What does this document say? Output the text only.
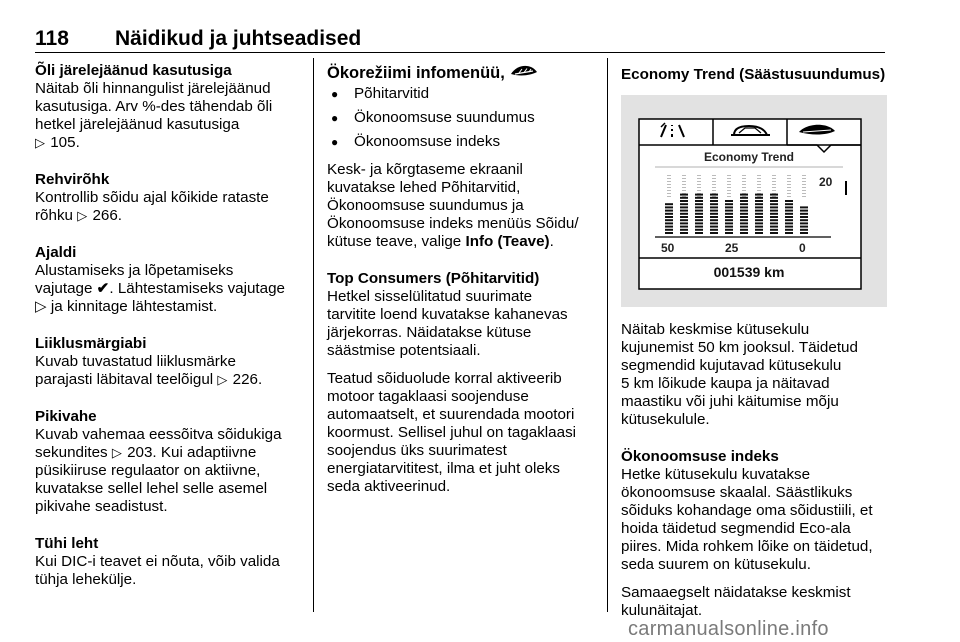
118 Näidikud ja juhtseadised

Õli järelejäänud kasutusiga

Näitab õli hinnangulist järelejäänud

kasutusiga. Arv %-des tähendab õli

hetkel järelejäänud kasutusiga

▷ 105.

Rehvirõhk

Kontrollib sõidu ajal kõikide rataste

rõhku ▷ 266.

Ajaldi

Alustamiseks ja lõpetamiseks

vajutage ✔. Lähtestamiseks vajutage

▷ ja kinnitage lähtestamist.

Liiklusmärgiabi

Kuvab tuvastatud liiklusmärke

parajasti läbitaval teelõigul ▷ 226.

Pikivahe

Kuvab vahemaa eessõitva sõidukiga

sekundites ▷ 203. Kui adaptiivne

püsikiiruse regulaator on aktiivne,

kuvatakse sellel lehel selle asemel

pikivahe seadistust.

Tühi leht

Kui DIC-i teavet ei nõuta, võib valida

tühja lehekülje.

Ökorežiimi infomenüü,

● Põhitarvitid
● Ökonoomsuse suundumus
● Ökonoomsuse indeks

Kesk- ja kõrgtaseme ekraanil

kuvatakse lehed Põhitarvitid,

Ökonoomsuse suundumus ja

Ökonoomsuse indeks menüüs Sõidu/

kütuse teave, valige Info (Teave).

Top Consumers (Põhitarvitid)

Hetkel sisselülitatud suurimate

tarvitite loend kuvatakse kahanevas

järjekorras. Näidatakse kütuse

säästmise potentsiaali.

Teatud sõiduolude korral aktiveerib

motoor tagaklaasi soojenduse

automaatselt, et suurendada mootori

koormust. Sellisel juhul on tagaklaasi

soojendus üks suurimatest

energiatarvititest, ilma et juht oleks

seda aktiveerinud.

Economy Trend (Säästusuundumus)

Economy Trend
20
50	25	0
001539 km

Näitab keskmise kütusekulu

kujunemist 50 km jooksul. Täidetud

segmendid kujutavad kütusekulu

5 km lõikude kaupa ja näitavad

maastiku või juhi käitumise mõju

kütusekulule.

Ökonoomsuse indeks

Hetke kütusekulu kuvatakse

ökonoomsuse skaalal. Säästlikuks

sõiduks kohandage oma sõidustiili, et

hoida täidetud segmendid Eco-ala

piires. Mida rohkem lõike on täidetud,

seda suurem on kütusekulu.

Samaaegselt näidatakse keskmist

kulunäitajat.

carmanualsonline.info
